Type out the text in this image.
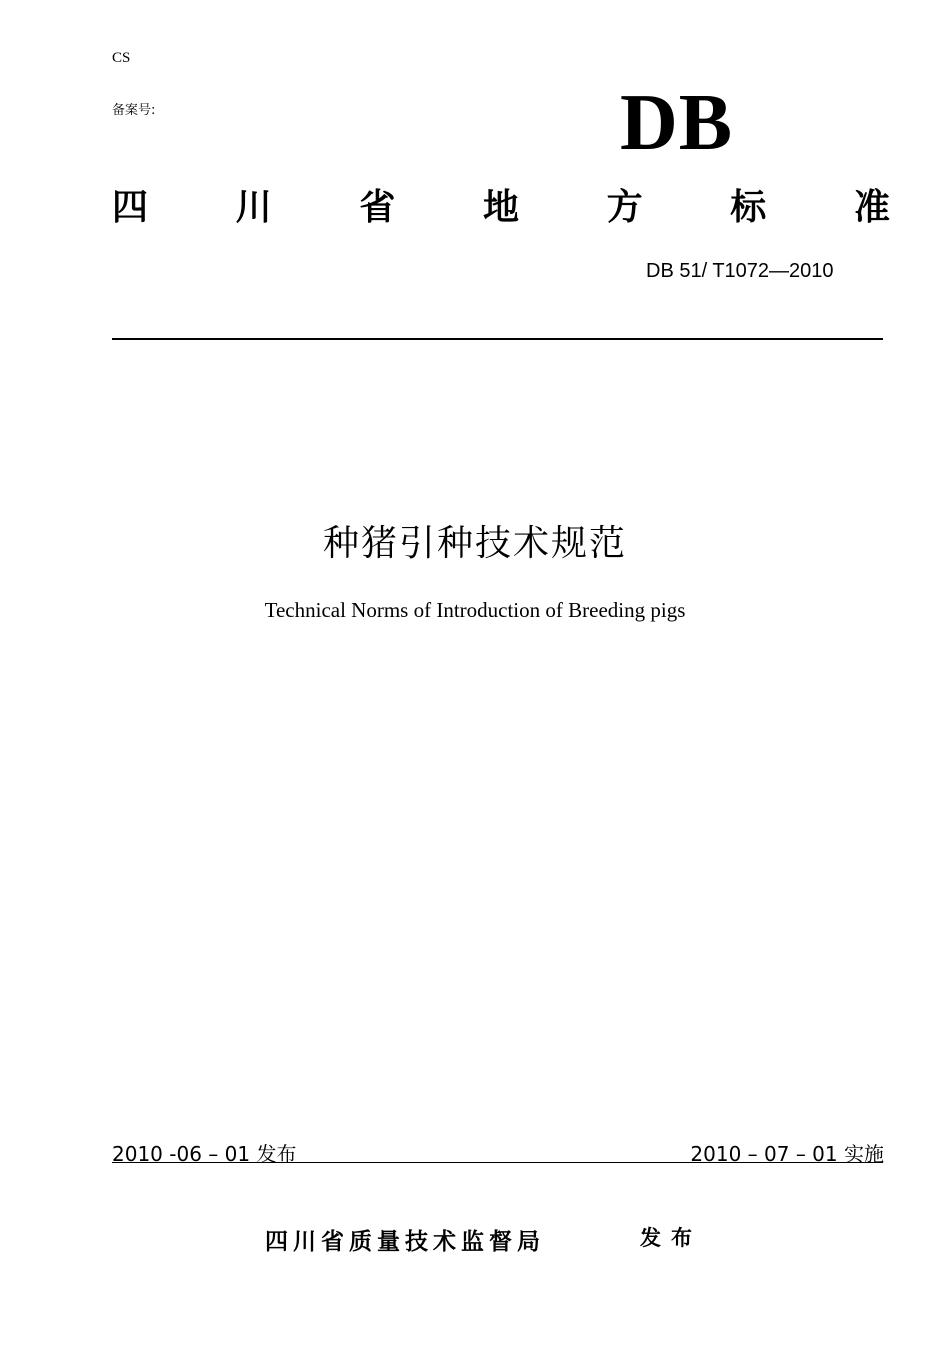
CS
备案号:	DB
四 川 省 地 方 标 准
DB 51/ T1072—2010
种猪引种技术规范
Technical Norms of Introduction of Breeding pigs
2010 -06 – 01 发布	2010 – 07 – 01 实施
四川省质量技术监督局	发布
